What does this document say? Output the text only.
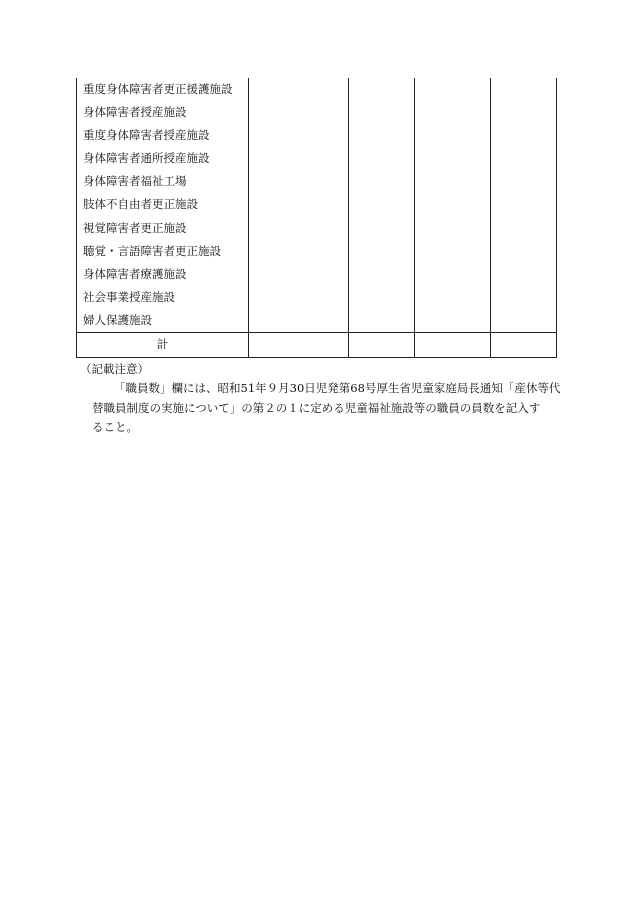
重度身体障害者更正援護施設				
身体障害者授産施設				
重度身体障害者授産施設				
身体障害者通所授産施設				
身体障害者福祉工場				
肢体不自由者更正施設				
視覚障害者更正施設				
聴覚・言語障害者更正施設				
身体障害者療護施設				
社会事業授産施設				
婦人保護施設				
計				
（記載注意）
「職員数」欄には、昭和51年９月30日児発第68号厚生省児童家庭局長通知「産休等代
替職員制度の実施について」の第２の１に定める児童福祉施設等の職員の員数を記入す
ること。
